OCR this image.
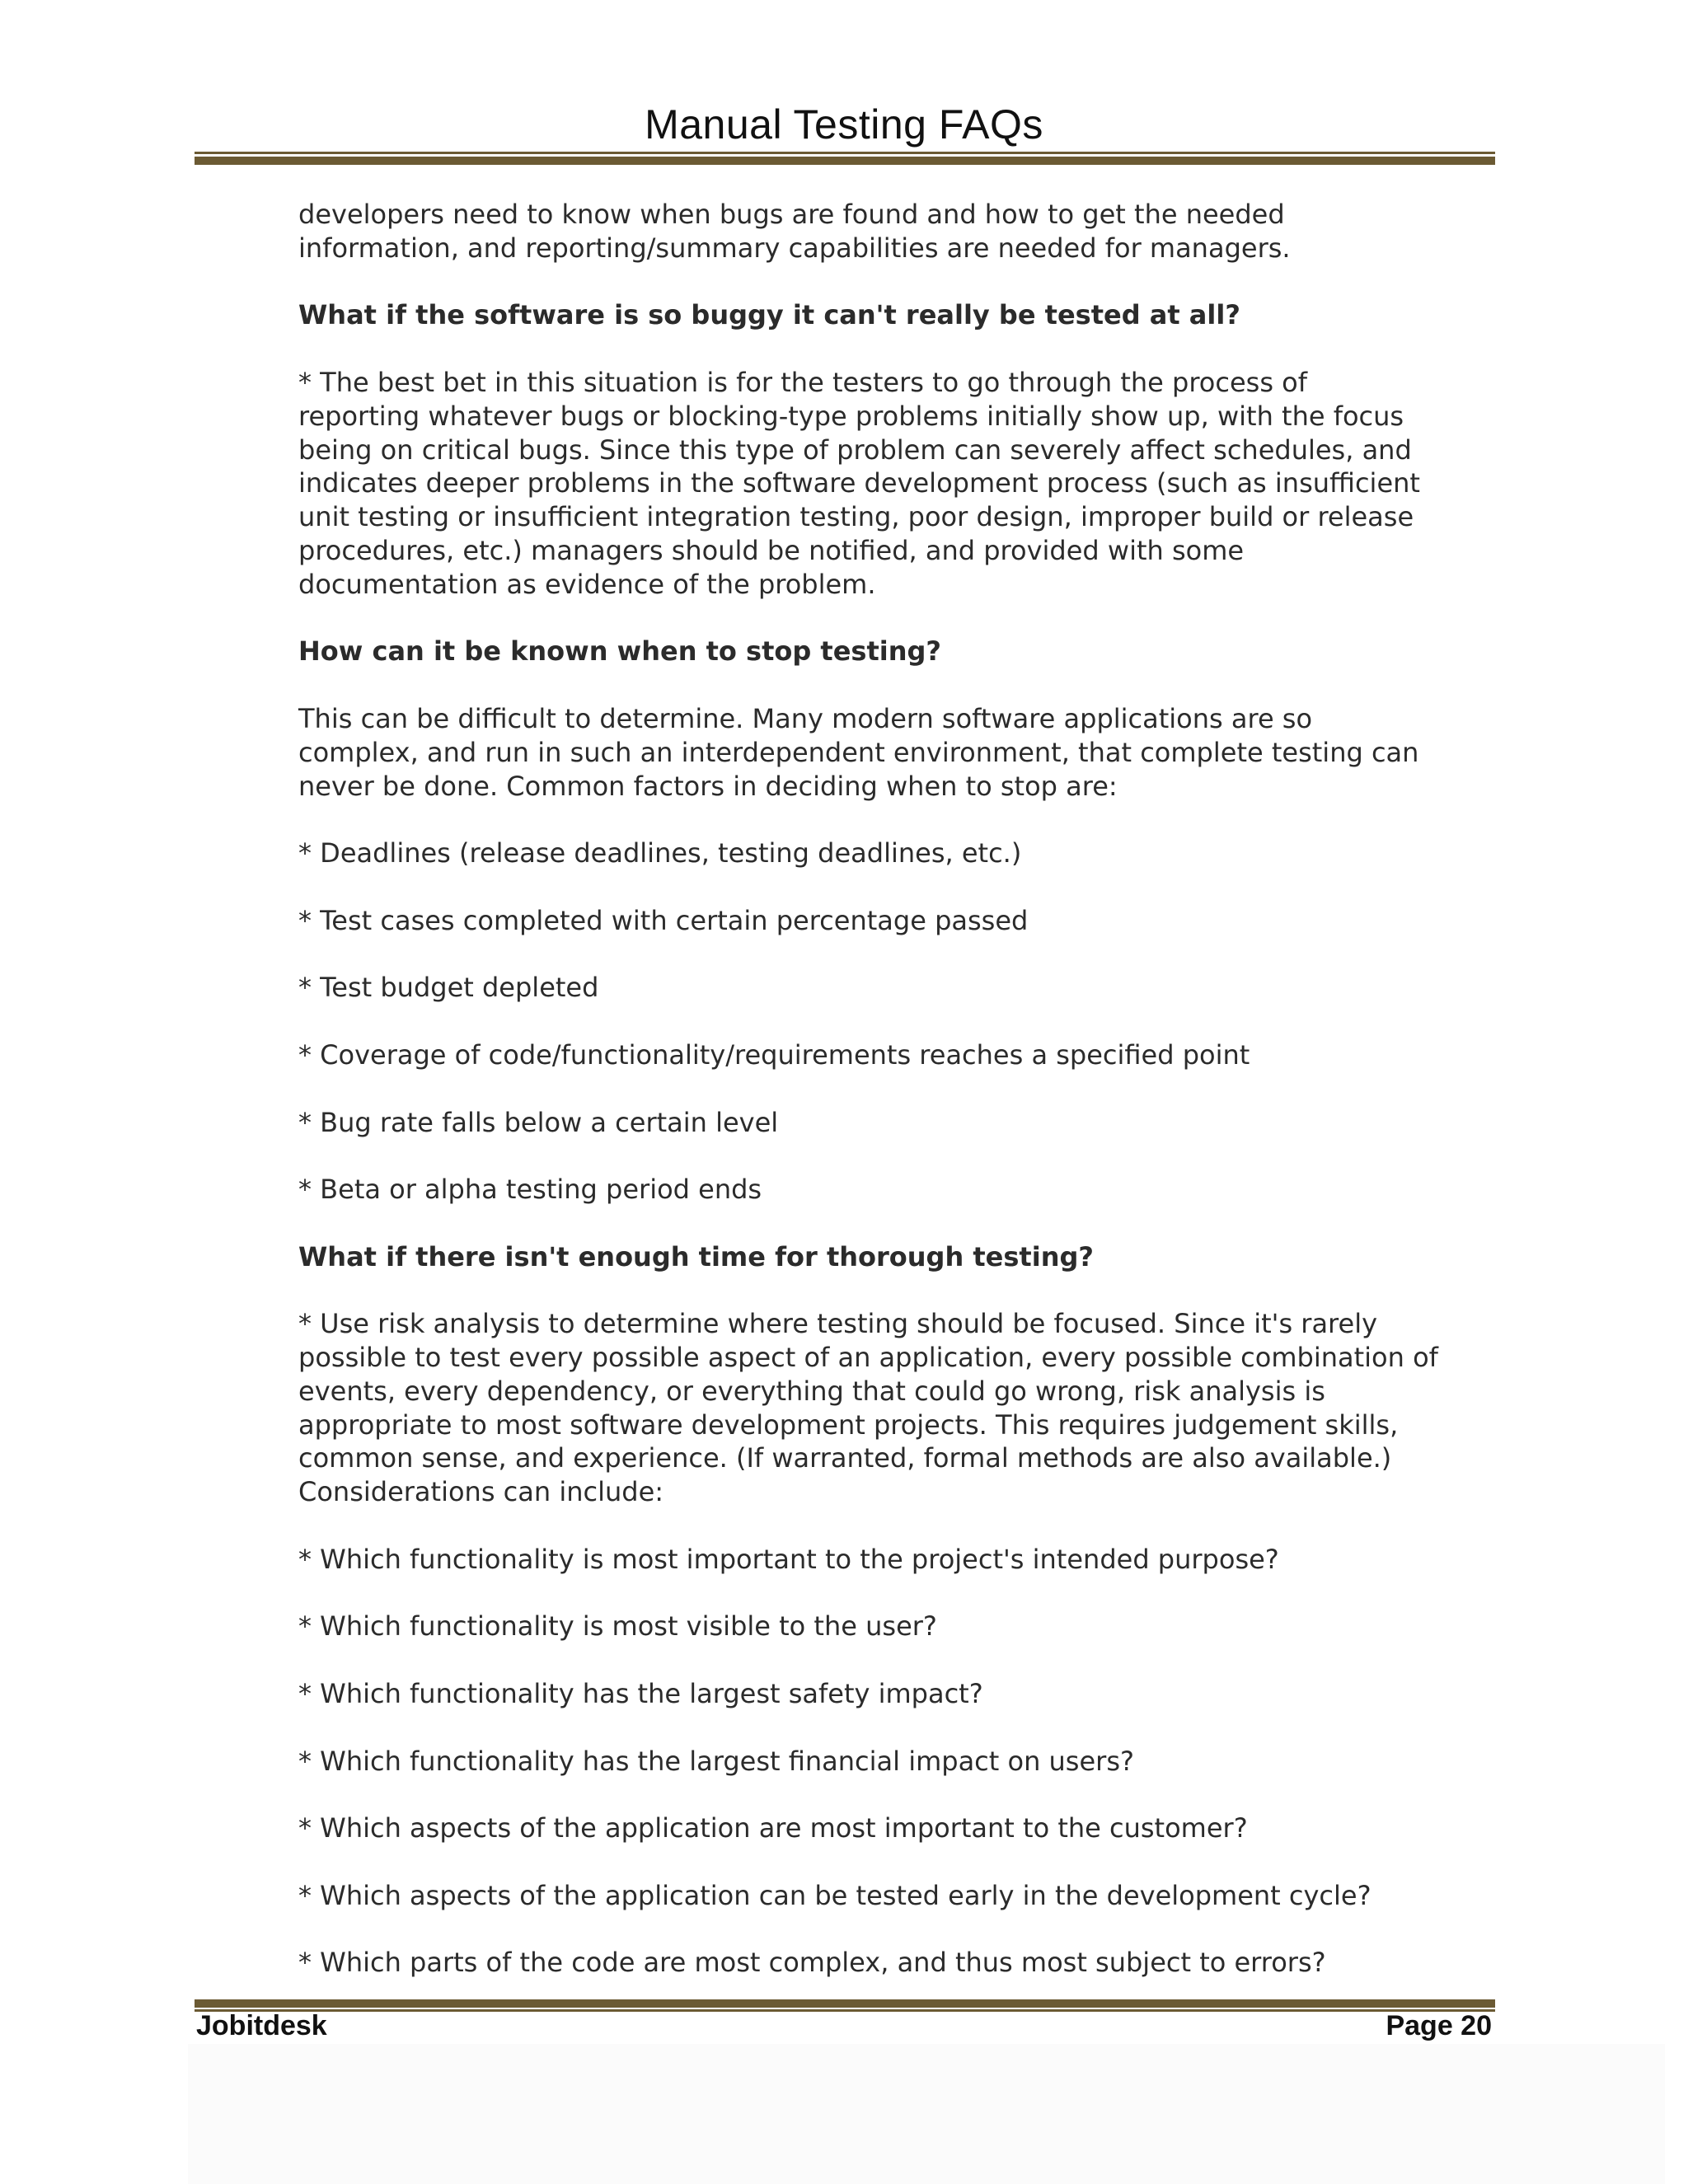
Manual Testing FAQs

developers need to know when bugs are found and how to get the needed
information, and reporting/summary capabilities are needed for managers.

What if the software is so buggy it can't really be tested at all?

* The best bet in this situation is for the testers to go through the process of
reporting whatever bugs or blocking-type problems initially show up, with the focus
being on critical bugs. Since this type of problem can severely affect schedules, and
indicates deeper problems in the software development process (such as insufficient
unit testing or insufficient integration testing, poor design, improper build or release
procedures, etc.) managers should be notified, and provided with some
documentation as evidence of the problem.

How can it be known when to stop testing?

This can be difficult to determine. Many modern software applications are so
complex, and run in such an interdependent environment, that complete testing can
never be done. Common factors in deciding when to stop are:

* Deadlines (release deadlines, testing deadlines, etc.)

* Test cases completed with certain percentage passed

* Test budget depleted

* Coverage of code/functionality/requirements reaches a specified point

* Bug rate falls below a certain level

* Beta or alpha testing period ends

What if there isn't enough time for thorough testing?

* Use risk analysis to determine where testing should be focused. Since it's rarely
possible to test every possible aspect of an application, every possible combination of
events, every dependency, or everything that could go wrong, risk analysis is
appropriate to most software development projects. This requires judgement skills,
common sense, and experience. (If warranted, formal methods are also available.)
Considerations can include:

* Which functionality is most important to the project's intended purpose?

* Which functionality is most visible to the user?

* Which functionality has the largest safety impact?

* Which functionality has the largest financial impact on users?

* Which aspects of the application are most important to the customer?

* Which aspects of the application can be tested early in the development cycle?

* Which parts of the code are most complex, and thus most subject to errors?

Jobitdesk	Page 20
